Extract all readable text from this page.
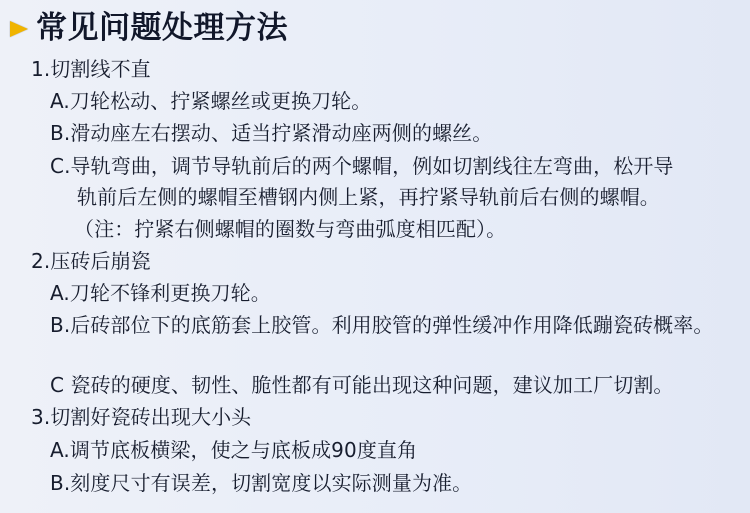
常见问题处理方法
1.切割线不直
A.刀轮松动、拧紧螺丝或更换刀轮。
B.滑动座左右摆动、适当拧紧滑动座两侧的螺丝。
C.导轨弯曲，调节导轨前后的两个螺帽，例如切割线往左弯曲，松开导
轨前后左侧的螺帽至槽钢内侧上紧，再拧紧导轨前后右侧的螺帽。
（注：拧紧右侧螺帽的圈数与弯曲弧度相匹配）。
2.压砖后崩瓷
A.刀轮不锋利更换刀轮。
B.后砖部位下的底筋套上胶管。利用胶管的弹性缓冲作用降低蹦瓷砖概率。
C 瓷砖的硬度、韧性、脆性都有可能出现这种问题，建议加工厂切割。
3.切割好瓷砖出现大小头
A.调节底板横梁，使之与底板成90度直角
B.刻度尺寸有误差，切割宽度以实际测量为准。
